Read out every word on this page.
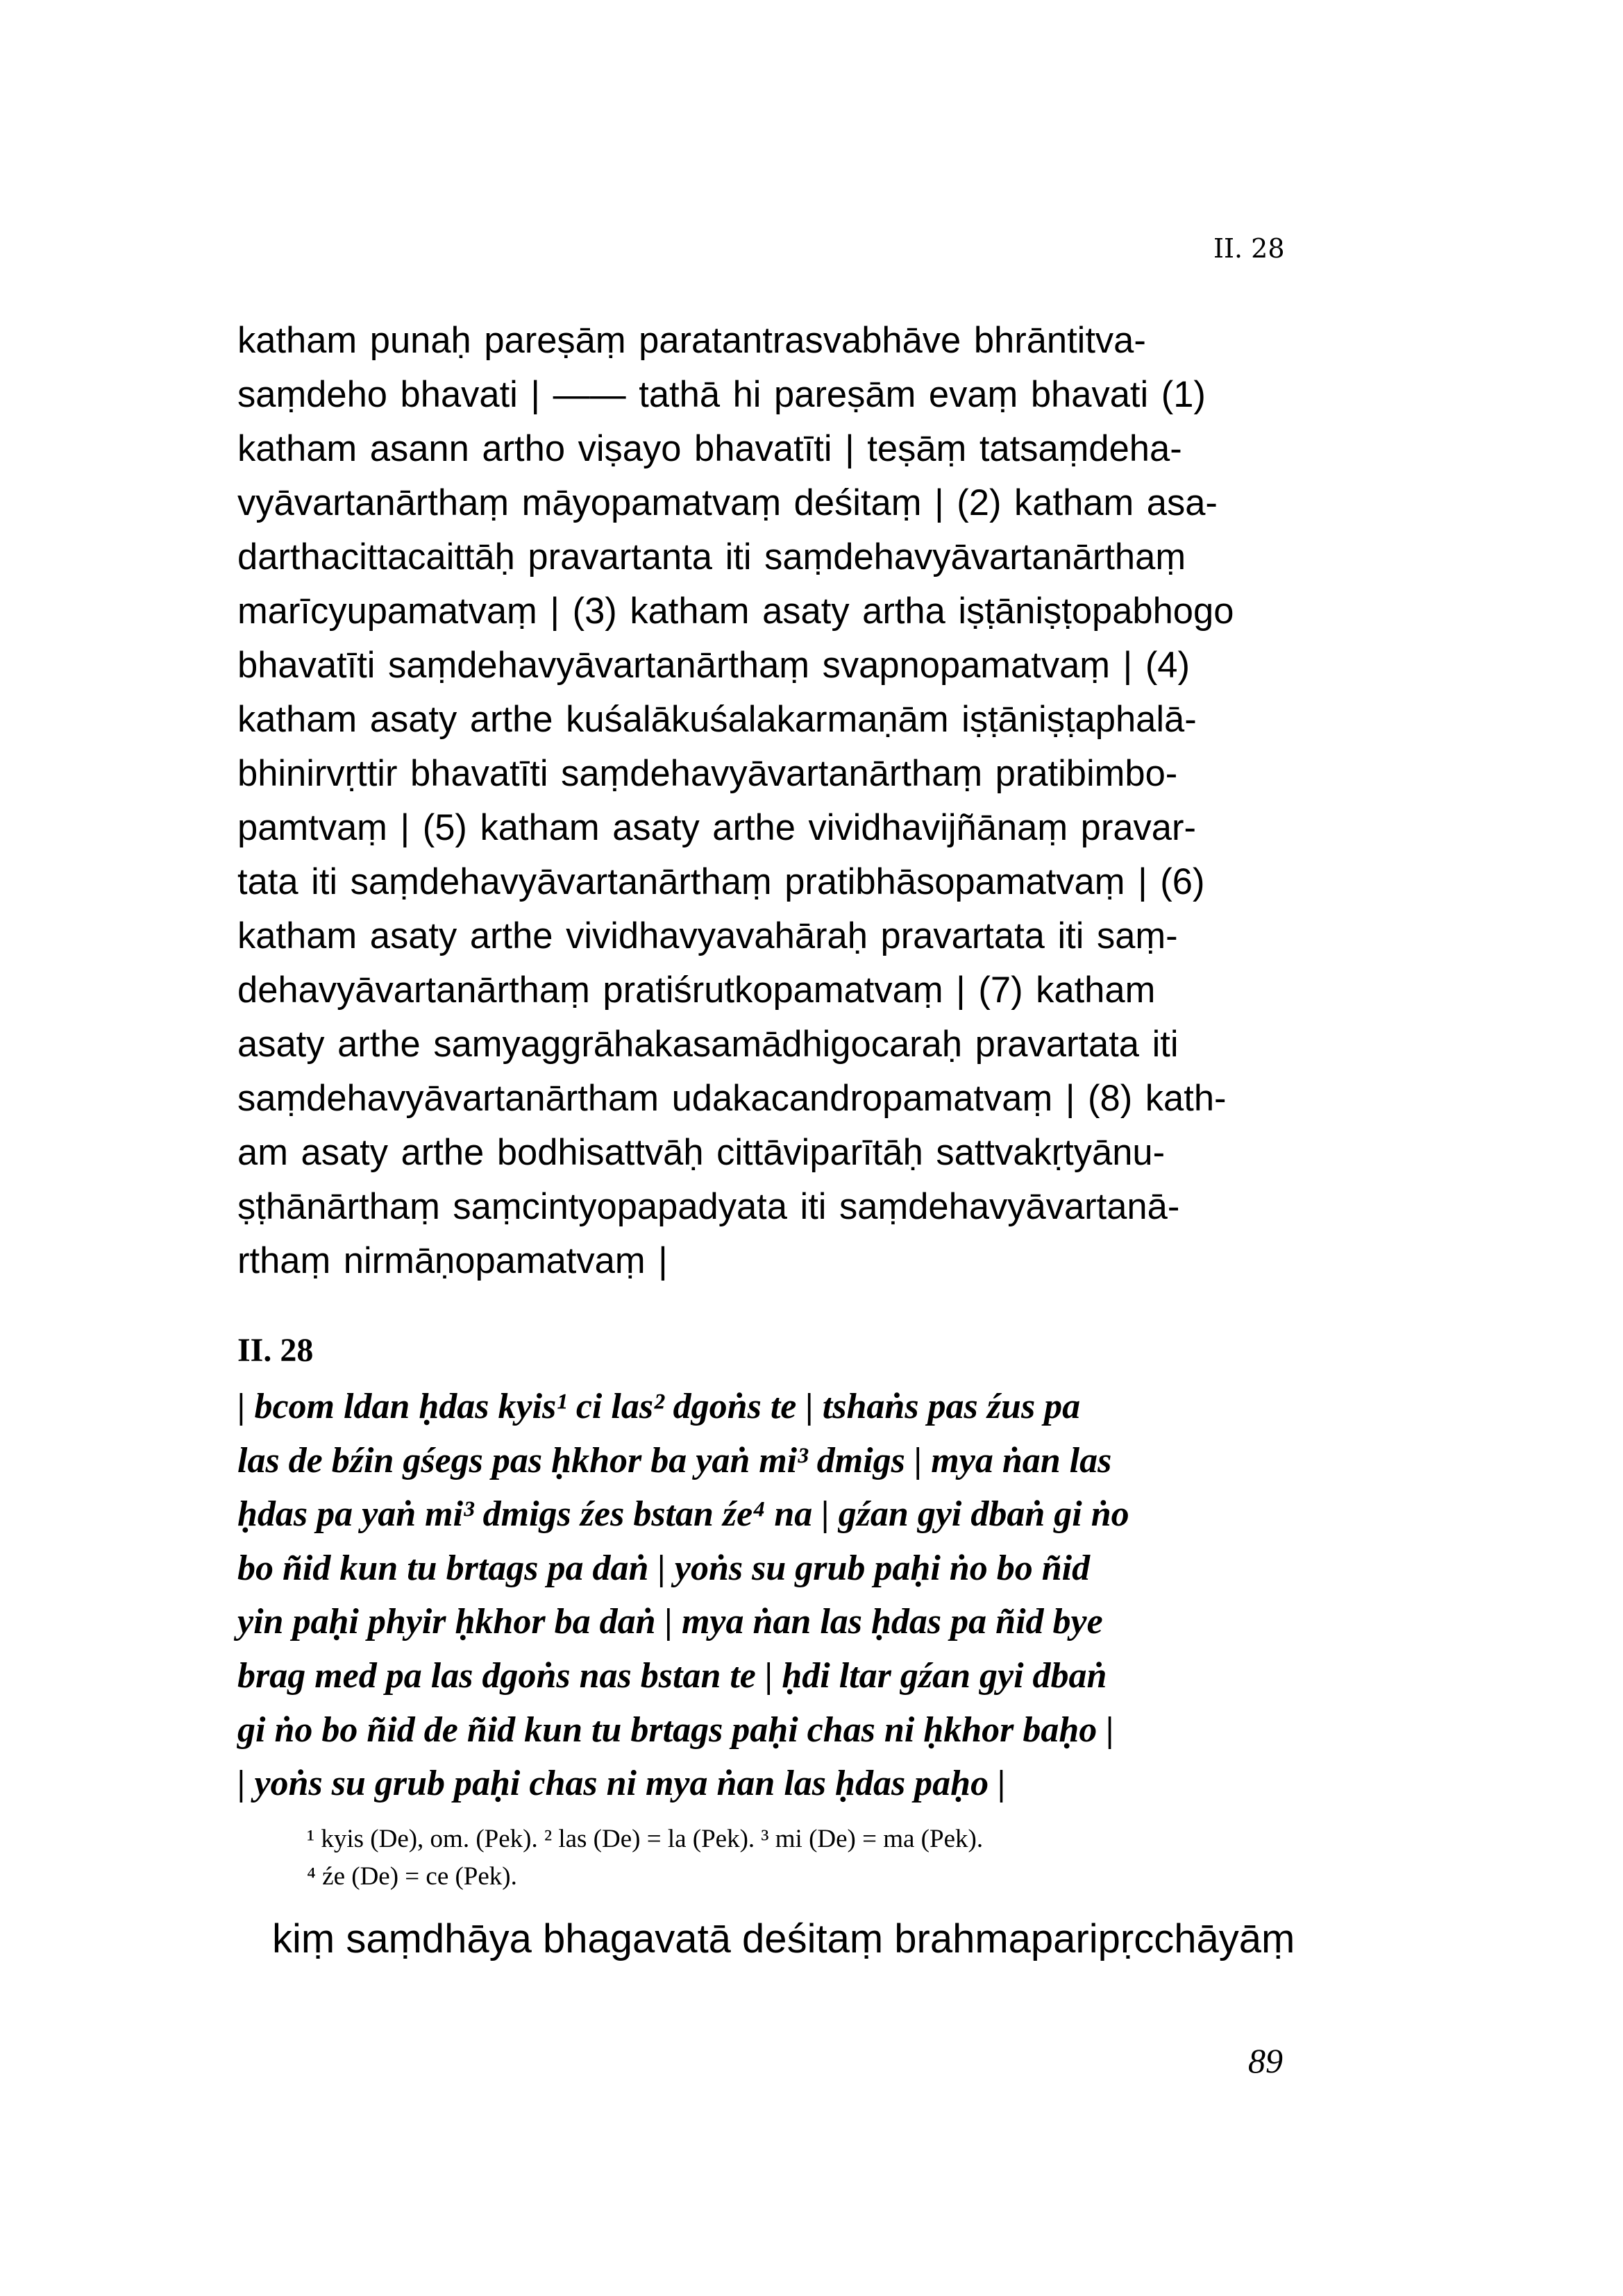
II. 28
katham punaḥ pareṣāṃ paratantrasvabhāve bhrāntitva-
saṃdeho bhavati | —— tathā hi pareṣām evaṃ bhavati (1)
katham asann artho viṣayo bhavatīti | teṣāṃ tatsaṃdeha-
vyāvartanārthaṃ māyopamatvaṃ deśitaṃ | (2) katham asa-
darthacittacaittāḥ pravartanta iti saṃdehavyāvartanārthaṃ
marīcyupamatvaṃ | (3) katham asaty artha iṣṭāniṣṭopabhogo
bhavatīti saṃdehavyāvartanārthaṃ svapnopamatvaṃ | (4)
katham asaty arthe kuśalākuśalakarmaṇām iṣṭāniṣṭaphalā-
bhinirvṛttir bhavatīti saṃdehavyāvartanārthaṃ pratibimbo-
pamtvaṃ | (5) katham asaty arthe vividhavijñānaṃ pravar-
tata iti saṃdehavyāvartanārthaṃ pratibhāsopamatvaṃ | (6)
katham asaty arthe vividhavyavahāraḥ pravartata iti saṃ-
dehavyāvartanārthaṃ pratiśrutkopamatvaṃ | (7) katham
asaty arthe samyaggrāhakasamādhigocaraḥ pravartata iti
saṃdehavyāvartanārtham udakacandropamatvaṃ | (8) kath-
am asaty arthe bodhisattvāḥ cittāviparītāḥ sattvakṛtyānu-
ṣṭhānārthaṃ saṃcintyopapadyata iti saṃdehavyāvartanā-
rthaṃ nirmāṇopamatvaṃ |
II. 28
| bcom ldan ḥdas kyis¹ ci las² dgoṅs te | tshaṅs pas źus pa
las de bźin gśegs pas ḥkhor ba yaṅ mi³ dmigs | mya ṅan las
ḥdas pa yaṅ mi³ dmigs źes bstan źe⁴ na | gźan gyi dbaṅ gi ṅo
bo ñid kun tu brtags pa daṅ | yoṅs su grub paḥi ṅo bo ñid
yin paḥi phyir ḥkhor ba daṅ | mya ṅan las ḥdas pa ñid bye
brag med pa las dgoṅs nas bstan te | ḥdi ltar gźan gyi dbaṅ
gi ṅo bo ñid de ñid kun tu brtags paḥi chas ni ḥkhor baḥo |
| yoṅs su grub paḥi chas ni mya ṅan las ḥdas paḥo |
¹ kyis (De), om. (Pek). ² las (De) = la (Pek). ³ mi (De) = ma (Pek).
⁴ źe (De) = ce (Pek).
kiṃ saṃdhāya bhagavatā deśitaṃ brahmaparipṛcchāyāṃ
89
